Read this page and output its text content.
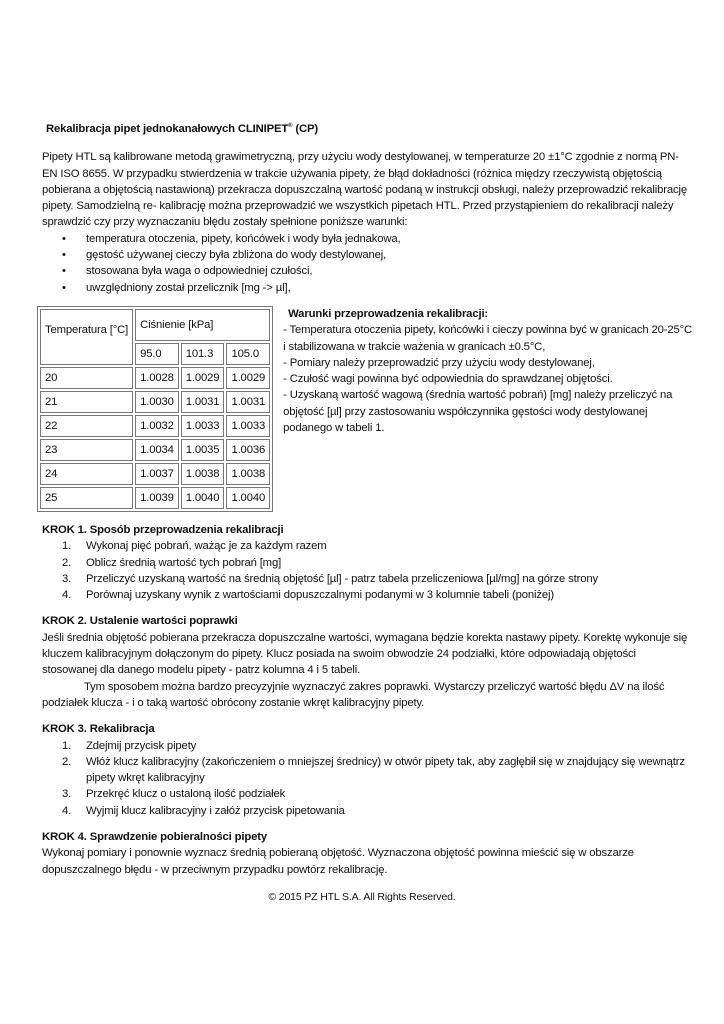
Rekalibracja pipet jednokanałowych CLINIPET® (CP)

Pipety HTL są kalibrowane metodą grawimetryczną, przy użyciu wody destylowanej, w temperaturze 20 ±1°C zgodnie z normą PN-EN ISO 8655. W przypadku stwierdzenia w trakcie używania pipety, że błąd dokładności (różnica między rzeczywistą objętością pobierana a objętością nastawioną) przekracza dopuszczalną wartość podaną w instrukcji obsługi, należy przeprowadzić rekalibrację pipety. Samodzielną re- kalibrację można przeprowadzić we wszystkich pipetach HTL. Przed przystąpieniem do rekalibracji należy sprawdzić czy przy wyznaczaniu błędu zostały spełnione poniższe warunki:

•	temperatura otoczenia, pipety, końcówek i wody była jednakowa,
•	gęstość używanej cieczy była zbliżona do wody destylowanej,
•	stosowana była waga o odpowiedniej czułości,
•	uwzględniony został przelicznik [mg -> µl],
Temperatura [°C]	Ciśnienie [kPa]		
	95.0	101.3	105.0
20	1.0028	1.0029	1.0029
21	1.0030	1.0031	1.0031
22	1.0032	1.0033	1.0033
23	1.0034	1.0035	1.0036
24	1.0037	1.0038	1.0038
25	1.0039	1.0040	1.0040
Warunki przeprowadzenia rekalibracji:
- Temperatura otoczenia pipety, końcówki i cieczy powinna być w granicach 20-25°C i stabilizowana w trakcie ważenia w granicach ±0.5°C,
- Pomiary należy przeprowadzić przy użyciu wody destylowanej,
- Czułość wagi powinna być odpowiednia do sprawdzanej objętości.
- Uzyskaną wartość wagową (średnia wartość pobrań) [mg] należy przeliczyć na objętość [µl] przy zastosowaniu współczynnika gęstości wody destylowanej podanego w tabeli 1.
KROK 1. Sposób przeprowadzenia rekalibracji
1.	Wykonaj pięć pobrań, ważąc je za każdym razem
2.	Oblicz średnią wartość tych pobrań [mg]
3.	Przeliczyć uzyskaną wartość na średnią objętość [µl] - patrz tabela przeliczeniowa [µl/mg] na górze strony
4.	Porównaj uzyskany wynik z wartościami dopuszczalnymi podanymi w 3 kolumnie tabeli (poniżej)
KROK 2. Ustalenie wartości poprawki

Jeśli średnia objętość pobierana przekracza dopuszczalne wartości, wymagana będzie korekta nastawy pipety. Korektę wykonuje się kluczem kalibracyjnym dołączonym do pipety. Klucz posiada na swoim obwodzie 24 podziałki, które odpowiadają objętości stosowanej dla danego modelu pipety - patrz kolumna 4 i 5 tabeli.

Tym sposobem można bardzo precyzyjnie wyznaczyć zakres poprawki. Wystarczy przeliczyć wartość błędu ΔV na ilość podziałek klucza - i o taką wartość obrócony zostanie wkręt kalibracyjny pipety.

KROK 3. Rekalibracja
1.	Zdejmij przycisk pipety
2.	Włóż klucz kalibracyjny (zakończeniem o mniejszej średnicy) w otwór pipety tak, aby zagłębił się w znajdujący się wewnątrz pipety wkręt kalibracyjny
3.	Przekręć klucz o ustaloną ilość podziałek
4.	Wyjmij klucz kalibracyjny i załóż przycisk pipetowania
KROK 4. Sprawdzenie pobieralności pipety

Wykonaj pomiary i ponownie wyznacz średnią pobieraną objętość. Wyznaczona objętość powinna mieścić się w obszarze dopuszczalnego błędu - w przeciwnym przypadku powtórz rekalibrację.

© 2015 PZ HTL S.A. All Rights Reserved.
